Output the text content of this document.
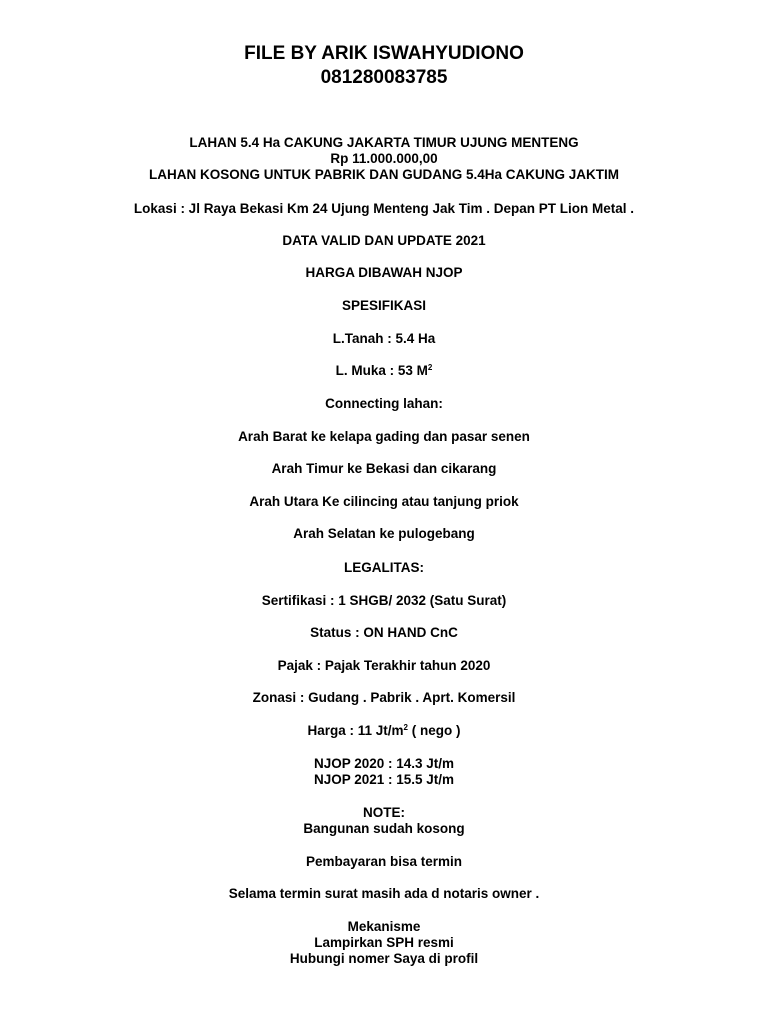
FILE BY ARIK ISWAHYUDIONO
081280083785
LAHAN 5.4 Ha CAKUNG JAKARTA TIMUR UJUNG MENTENG
Rp 11.000.000,00
LAHAN KOSONG UNTUK PABRIK DAN GUDANG 5.4Ha CAKUNG JAKTIM
Lokasi : Jl Raya Bekasi Km 24 Ujung Menteng Jak Tim . Depan PT Lion Metal .
DATA VALID DAN UPDATE 2021
HARGA DIBAWAH NJOP
SPESIFIKASI
L.Tanah : 5.4 Ha
L. Muka : 53 $M^2$
Connecting lahan:
Arah Barat ke kelapa gading dan pasar senen
Arah Timur ke Bekasi dan cikarang
Arah Utara Ke cilincing atau tanjung priok
Arah Selatan ke pulogebang
LEGALITAS:
Sertifikasi : 1 SHGB/ 2032 (Satu Surat)
Status : ON HAND CnC
Pajak : Pajak Terakhir tahun 2020
Zonasi : Gudang . Pabrik . Aprt. Komersil
Harga : 11 $Jt/m^2$ ( nego )
NJOP 2020 : 14.3 Jt/m
NJOP 2021 : 15.5 Jt/m
NOTE:
Bangunan sudah kosong
Pembayaran bisa termin
Selama termin surat masih ada d notaris owner .
Mekanisme
Lampirkan SPH resmi
Hubungi nomer Saya di profil
